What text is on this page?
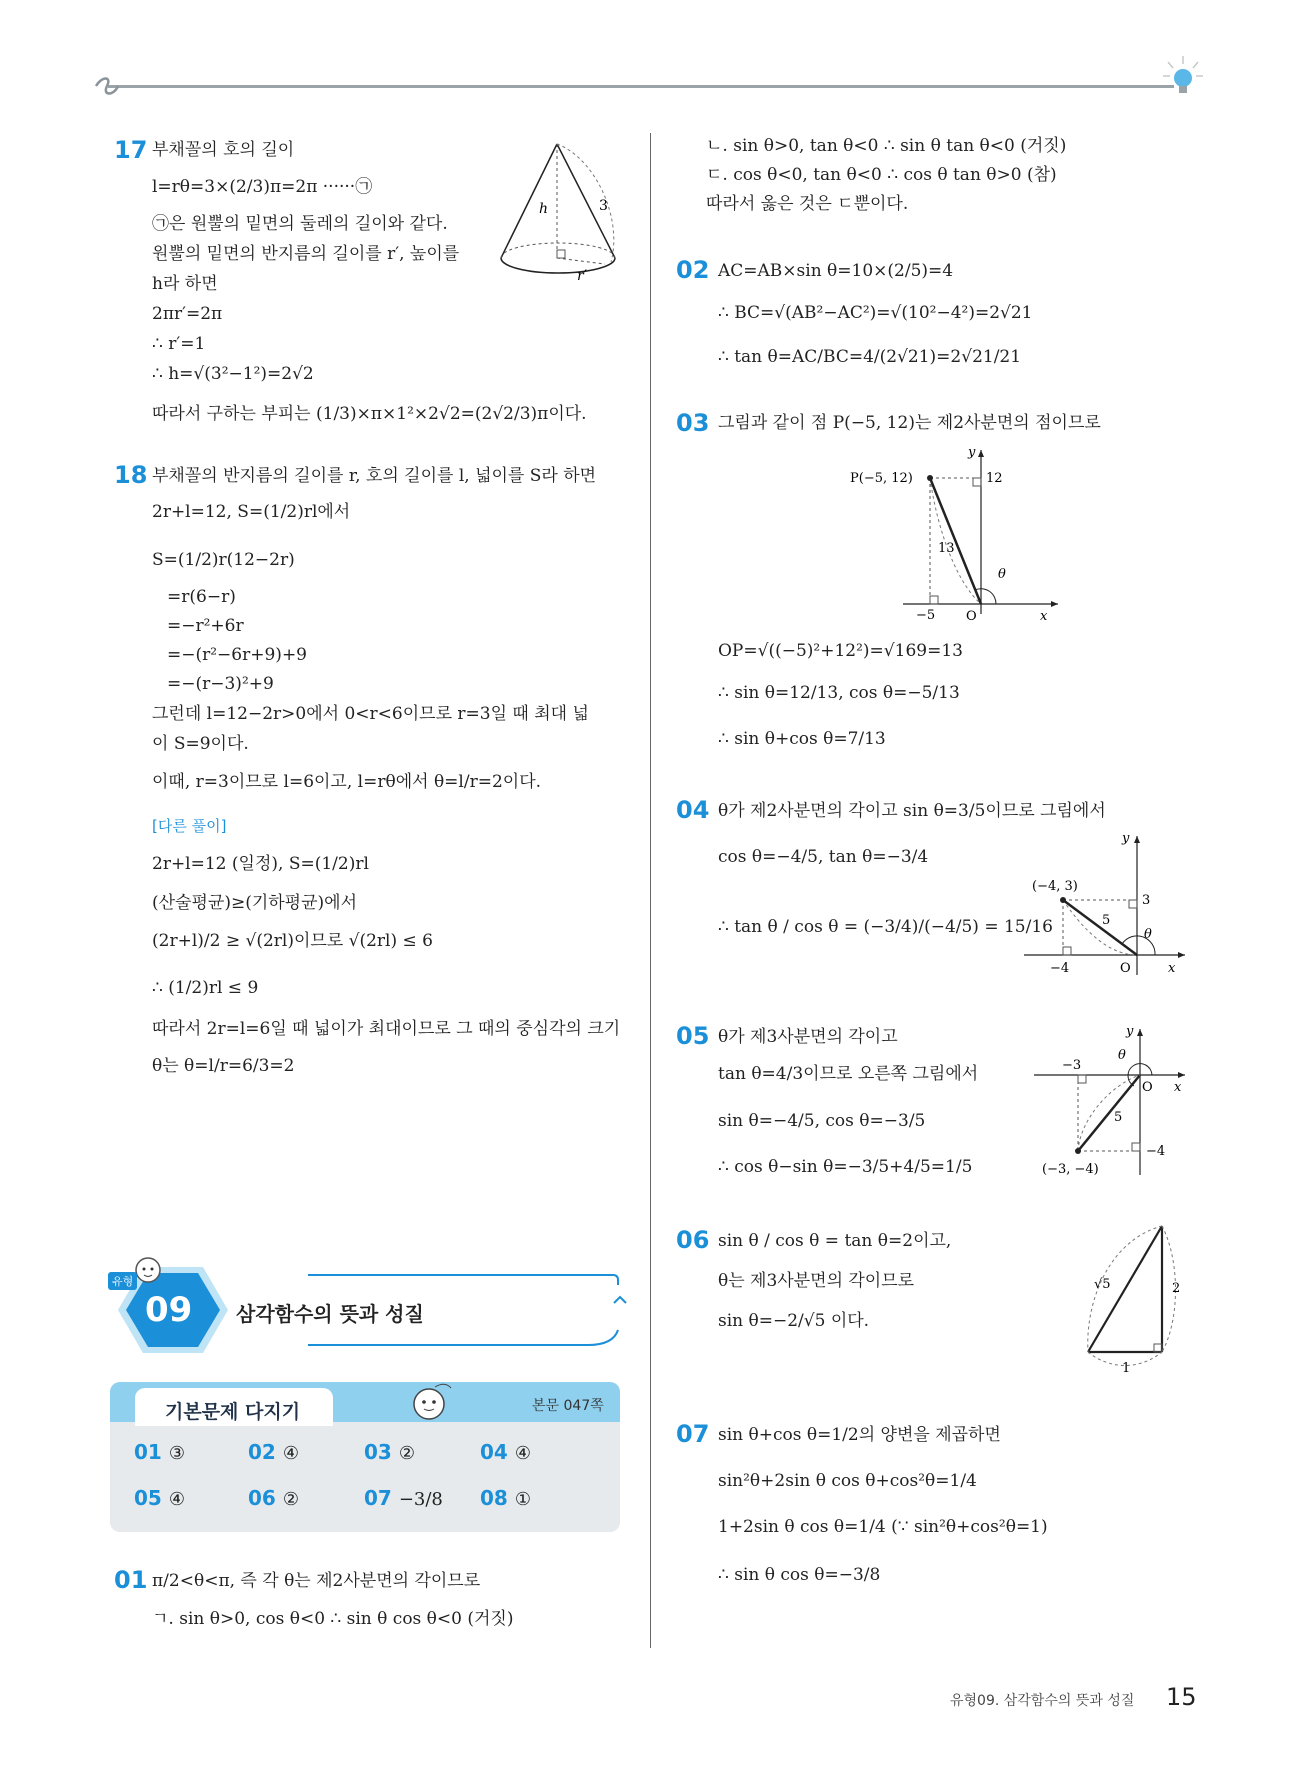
17 부채꼴의 호의 길이
l=rθ=3×(2/3)π=2π ······㉠
㉠은 원뿔의 밑면의 둘레의 길이와 같다.
원뿔의 밑면의 반지름의 길이를 r′, 높이를
h라 하면
2πr′=2π
∴ r′=1
∴ h=√(3²−1²)=2√2
따라서 구하는 부피는 (1/3)×π×1²×2√2=(2√2/3)π이다.
h	3
r′
18 부채꼴의 반지름의 길이를 r, 호의 길이를 l, 넓이를 S라 하면
2r+l=12, S=(1/2)rl에서
S=(1/2)r(12−2r)
=r(6−r)
=−r²+6r
=−(r²−6r+9)+9
=−(r−3)²+9
그런데 l=12−2r>0에서 0<r<6이므로 r=3일 때 최대 넓
이 S=9이다.
이때, r=3이므로 l=6이고, l=rθ에서 θ=l/r=2이다.
[다른 풀이]
2r+l=12 (일정), S=(1/2)rl
(산술평균)≥(기하평균)에서
(2r+l)/2 ≥ √(2rl)이므로 √(2rl) ≤ 6
∴ (1/2)rl ≤ 9
따라서 2r=l=6일 때 넓이가 최대이므로 그 때의 중심각의 크기
θ는 θ=l/r=6/3=2
유형
09 삼각함수의 뜻과 성질
기본문제 다지기	본문 047쪽
01 ③	02 ④	03 ②	04 ④
05 ④	06 ②	07 −3/8 08 ①
01 π/2<θ<π, 즉 각 θ는 제2사분면의 각이므로
ㄱ. sin θ>0, cos θ<0 ∴ sin θ cos θ<0 (거짓)
ㄴ. sin θ>0, tan θ<0 ∴ sin θ tan θ<0 (거짓)
ㄷ. cos θ<0, tan θ<0 ∴ cos θ tan θ>0 (참)
따라서 옳은 것은 ㄷ뿐이다.
02 AC=AB×sin θ=10×(2/5)=4
∴ BC=√(AB²−AC²)=√(10²−4²)=2√21
∴ tan θ=AC/BC=4/(2√21)=2√21/21
03 그림과 같이 점 P(−5, 12)는 제2사분면의 점이므로
P(−5, 12)	12
13
−5 O	x
y
θ
OP=√((−5)²+12²)=√169=13
∴ sin θ=12/13, cos θ=−5/13
∴ sin θ+cos θ=7/13
04 θ가 제2사분면의 각이고 sin θ=3/5이므로 그림에서
cos θ=−4/5, tan θ=−3/4
∴ tan θ / cos θ = (−3/4)/(−4/5) = 15/16
(−4, 3)
3
5
−4	O	x
y
θ
05 θ가 제3사분면의 각이고
tan θ=4/3이므로 오른쪽 그림에서
sin θ=−4/5, cos θ=−3/5
∴ cos θ−sin θ=−3/5+4/5=1/5	(−3, −4)
−4
5
−3
O x
y
θ
06 sin θ / cos θ = tan θ=2이고,
θ는 제3사분면의 각이므로
sin θ=−2/√5 이다.
√5	2
1
07 sin θ+cos θ=1/2의 양변을 제곱하면
sin²θ+2sin θ cos θ+cos²θ=1/4
1+2sin θ cos θ=1/4 (∵ sin²θ+cos²θ=1)
∴ sin θ cos θ=−3/8
유형09. 삼각함수의 뜻과 성질 15
